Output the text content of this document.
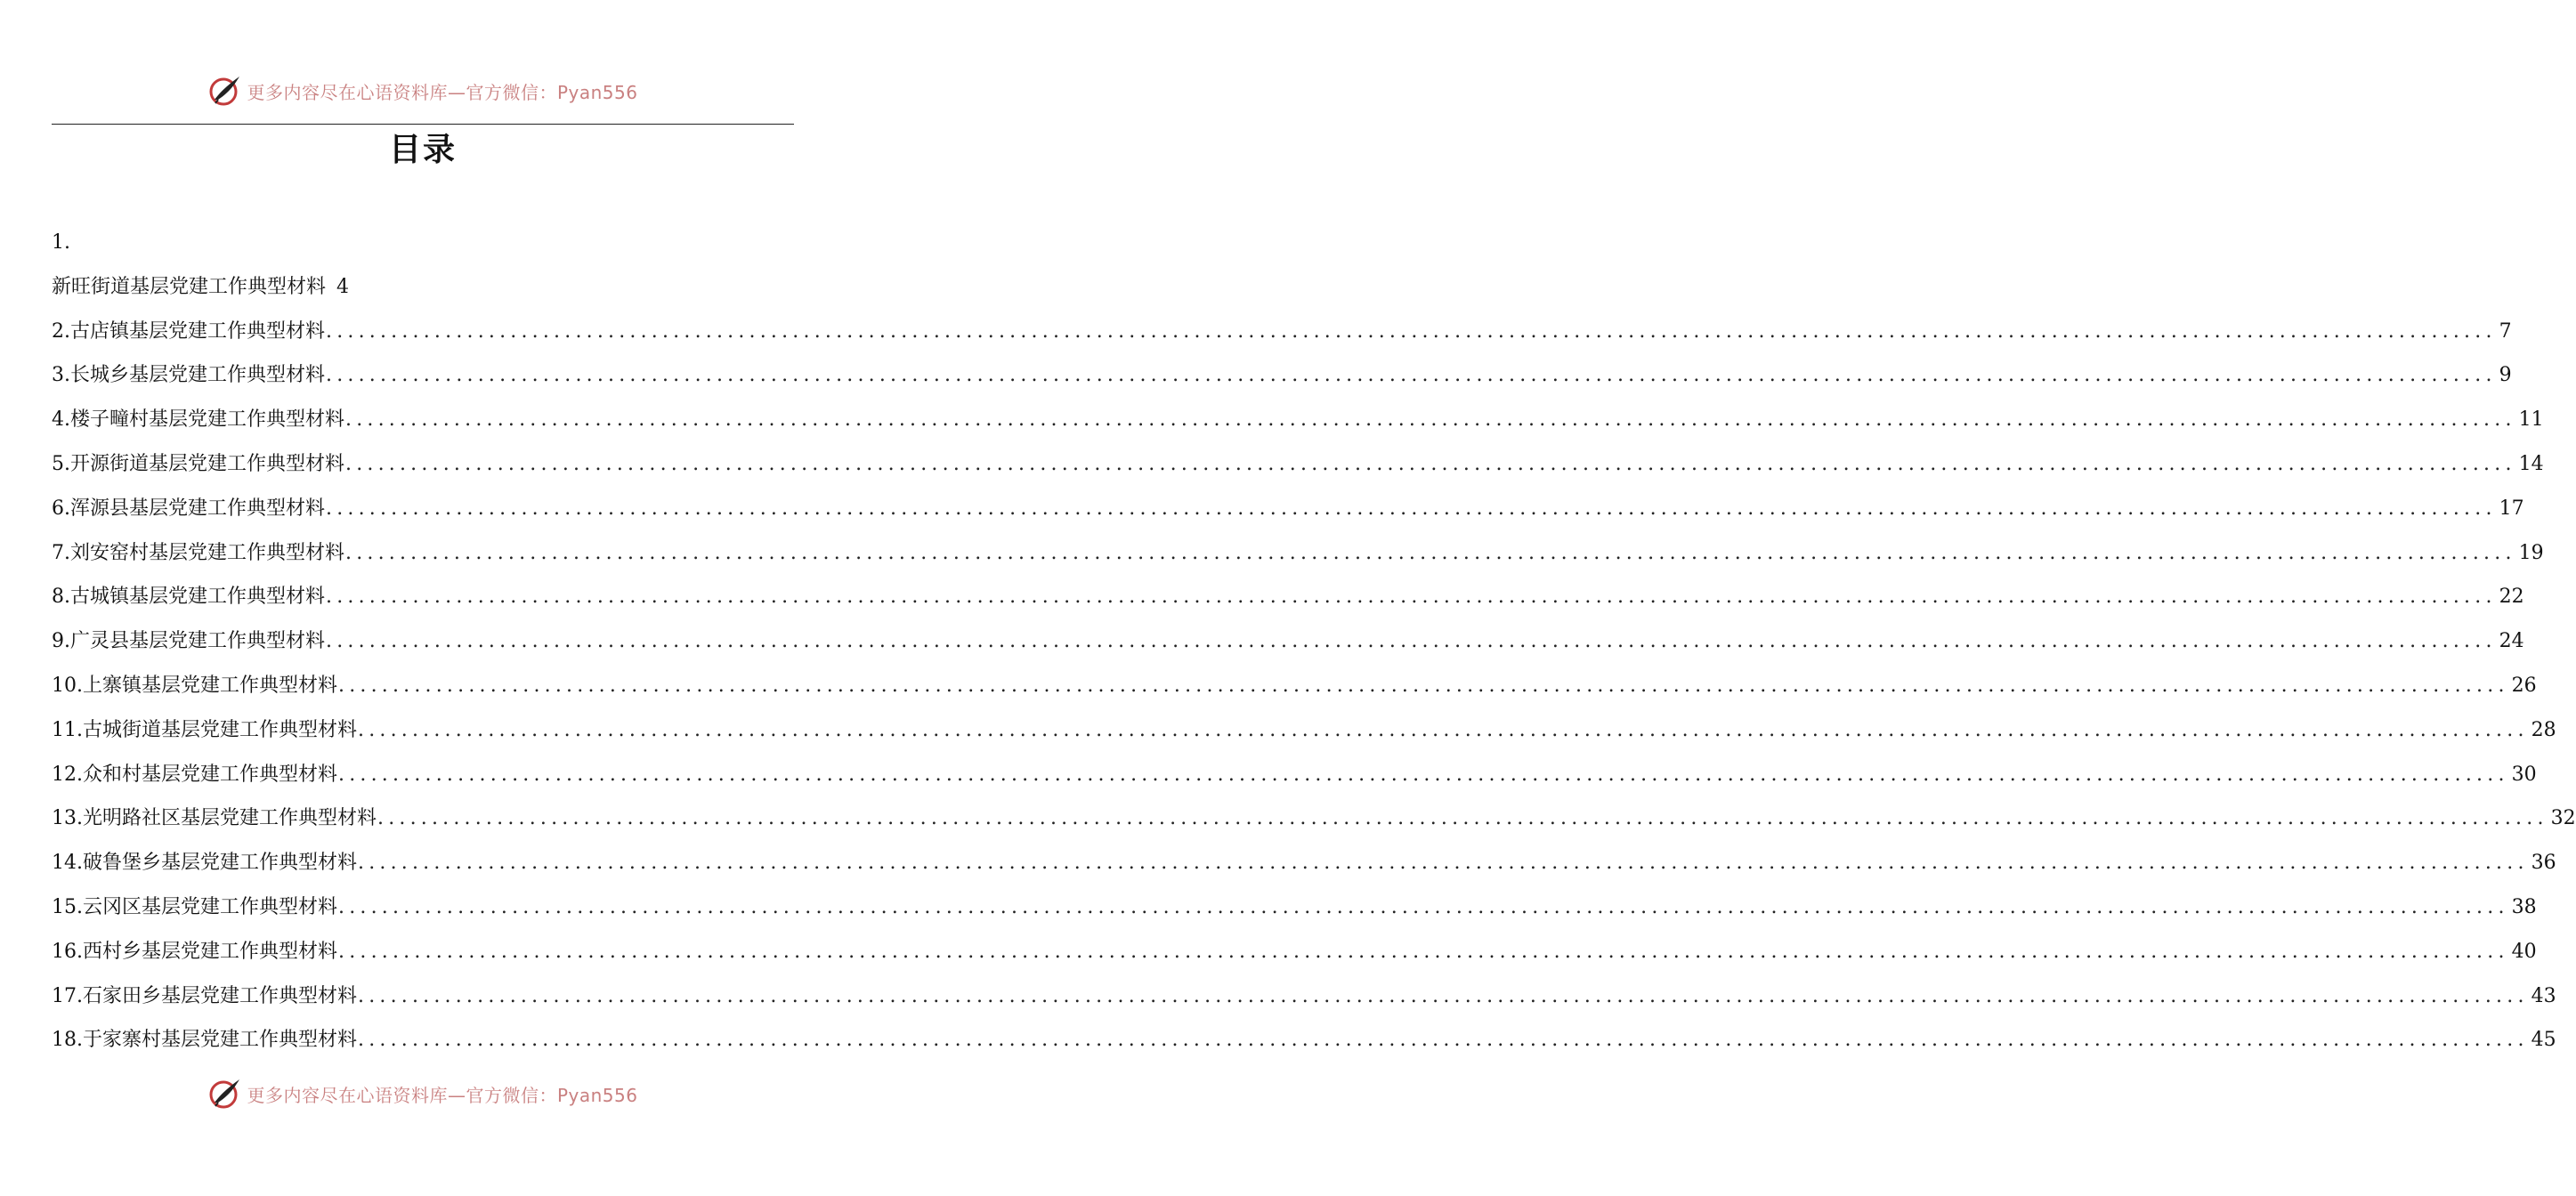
更多内容尽在心语资料库—官方微信：Pyan556
目录
1.
新旺街道基层党建工作典型材料 4
2.古店镇基层党建工作典型材料 ........................................................................................................................................................................................................ 7
3.长城乡基层党建工作典型材料 ........................................................................................................................................................................................................ 9
4.楼子疃村基层党建工作典型材料 ........................................................................................................................................................................................................ 11
5.开源街道基层党建工作典型材料 ........................................................................................................................................................................................................ 14
6.浑源县基层党建工作典型材料 ........................................................................................................................................................................................................ 17
7.刘安窑村基层党建工作典型材料 ........................................................................................................................................................................................................ 19
8.古城镇基层党建工作典型材料 ........................................................................................................................................................................................................ 22
9.广灵县基层党建工作典型材料 ........................................................................................................................................................................................................ 24
10.上寨镇基层党建工作典型材料 ........................................................................................................................................................................................................ 26
11.古城街道基层党建工作典型材料 ........................................................................................................................................................................................................ 28
12.众和村基层党建工作典型材料 ........................................................................................................................................................................................................ 30
13.光明路社区基层党建工作典型材料 ........................................................................................................................................................................................................ 32
14.破鲁堡乡基层党建工作典型材料 ........................................................................................................................................................................................................ 36
15.云冈区基层党建工作典型材料 ........................................................................................................................................................................................................ 38
16.西村乡基层党建工作典型材料 ........................................................................................................................................................................................................ 40
17.石家田乡基层党建工作典型材料 ........................................................................................................................................................................................................ 43
18.于家寨村基层党建工作典型材料 ........................................................................................................................................................................................................ 45
更多内容尽在心语资料库—官方微信：Pyan556
